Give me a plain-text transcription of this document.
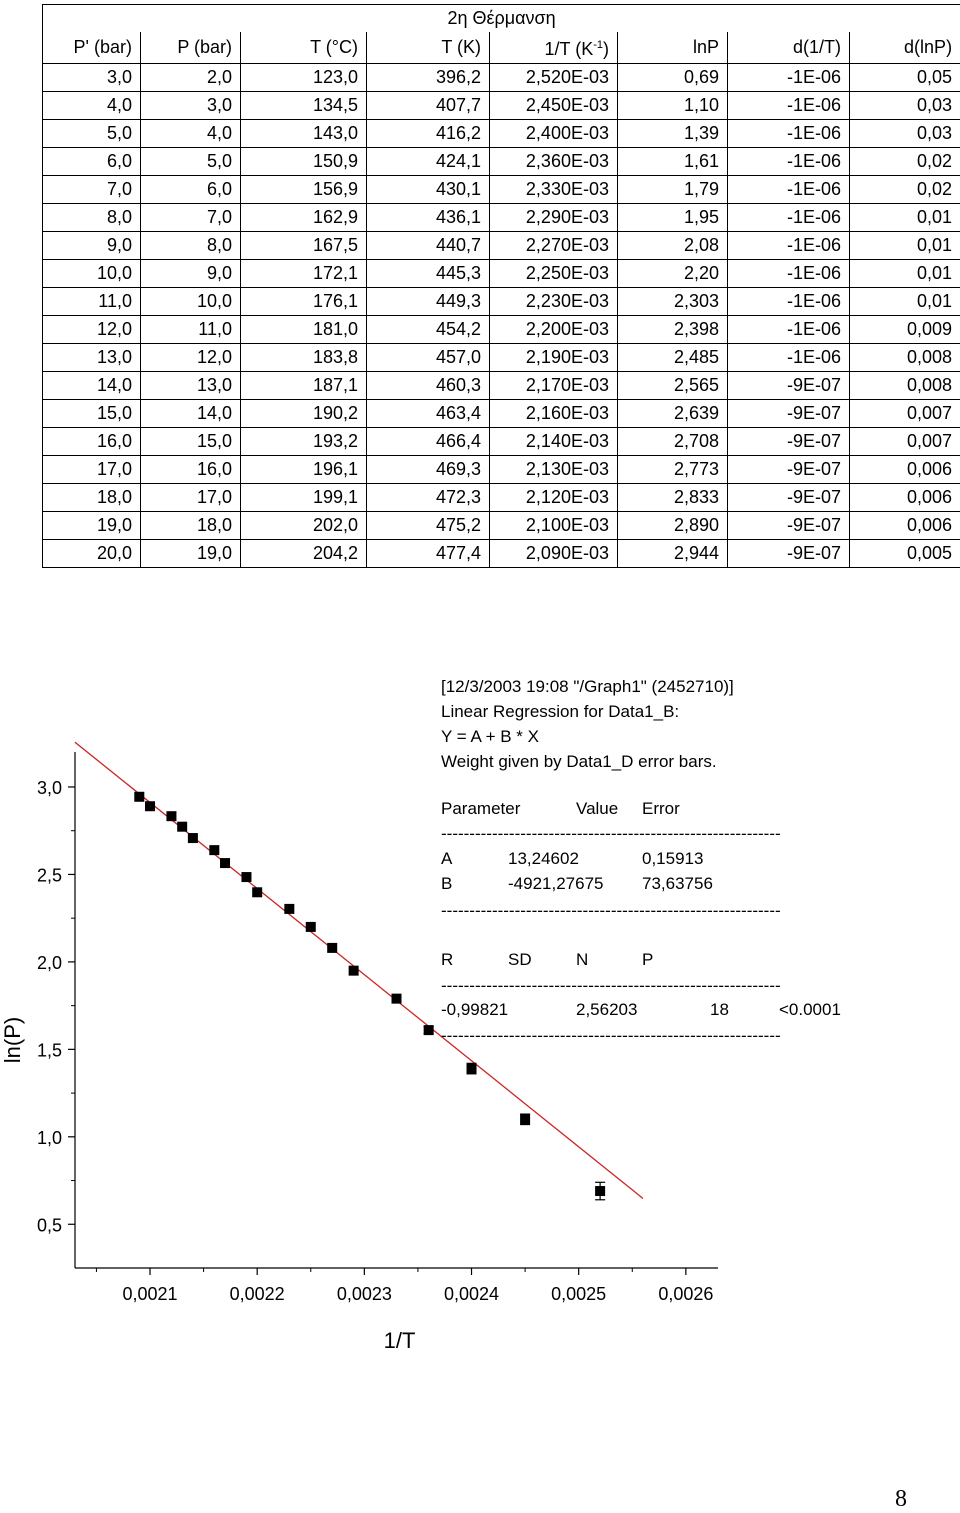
2η Θέρμανση							
P' (bar)	P (bar)	T (°C)	T (K)	1/T $(K^{-1})$	lnP	d(1/T)	d(lnP)
3,0	2,0	123,0	396,2	2,520E-03	0,69	-1E-06	0,05
4,0	3,0	134,5	407,7	2,450E-03	1,10	-1E-06	0,03
5,0	4,0	143,0	416,2	2,400E-03	1,39	-1E-06	0,03
6,0	5,0	150,9	424,1	2,360E-03	1,61	-1E-06	0,02
7,0	6,0	156,9	430,1	2,330E-03	1,79	-1E-06	0,02
8,0	7,0	162,9	436,1	2,290E-03	1,95	-1E-06	0,01
9,0	8,0	167,5	440,7	2,270E-03	2,08	-1E-06	0,01
10,0	9,0	172,1	445,3	2,250E-03	2,20	-1E-06	0,01
11,0	10,0	176,1	449,3	2,230E-03	2,303	-1E-06	0,01
12,0	11,0	181,0	454,2	2,200E-03	2,398	-1E-06	0,009
13,0	12,0	183,8	457,0	2,190E-03	2,485	-1E-06	0,008
14,0	13,0	187,1	460,3	2,170E-03	2,565	-9E-07	0,008
15,0	14,0	190,2	463,4	2,160E-03	2,639	-9E-07	0,007
16,0	15,0	193,2	466,4	2,140E-03	2,708	-9E-07	0,007
17,0	16,0	196,1	469,3	2,130E-03	2,773	-9E-07	0,006
18,0	17,0	199,1	472,3	2,120E-03	2,833	-9E-07	0,006
19,0	18,0	202,0	475,2	2,100E-03	2,890	-9E-07	0,006
20,0	19,0	204,2	477,4	2,090E-03	2,944	-9E-07	0,005
0,0021	0,0022	0,0023	0,0024	0,0025	0,0026
0,5
1,0
1,5
2,0
2,5
3,0
1/T
ln(P)
[12/3/2003 19:08 "/Graph1" (2452710)]
Linear Regression for Data1_B:
Y = A + B * X
Weight given by Data1_D error bars.
Parameter	Value Error
------------------------------------------------------------
A	13,24602	0,15913
B	-4921,27675 73,63756
------------------------------------------------------------
R	SD	N	P
------------------------------------------------------------
-0,99821	2,56203	18	<0.0001
------------------------------------------------------------
8
